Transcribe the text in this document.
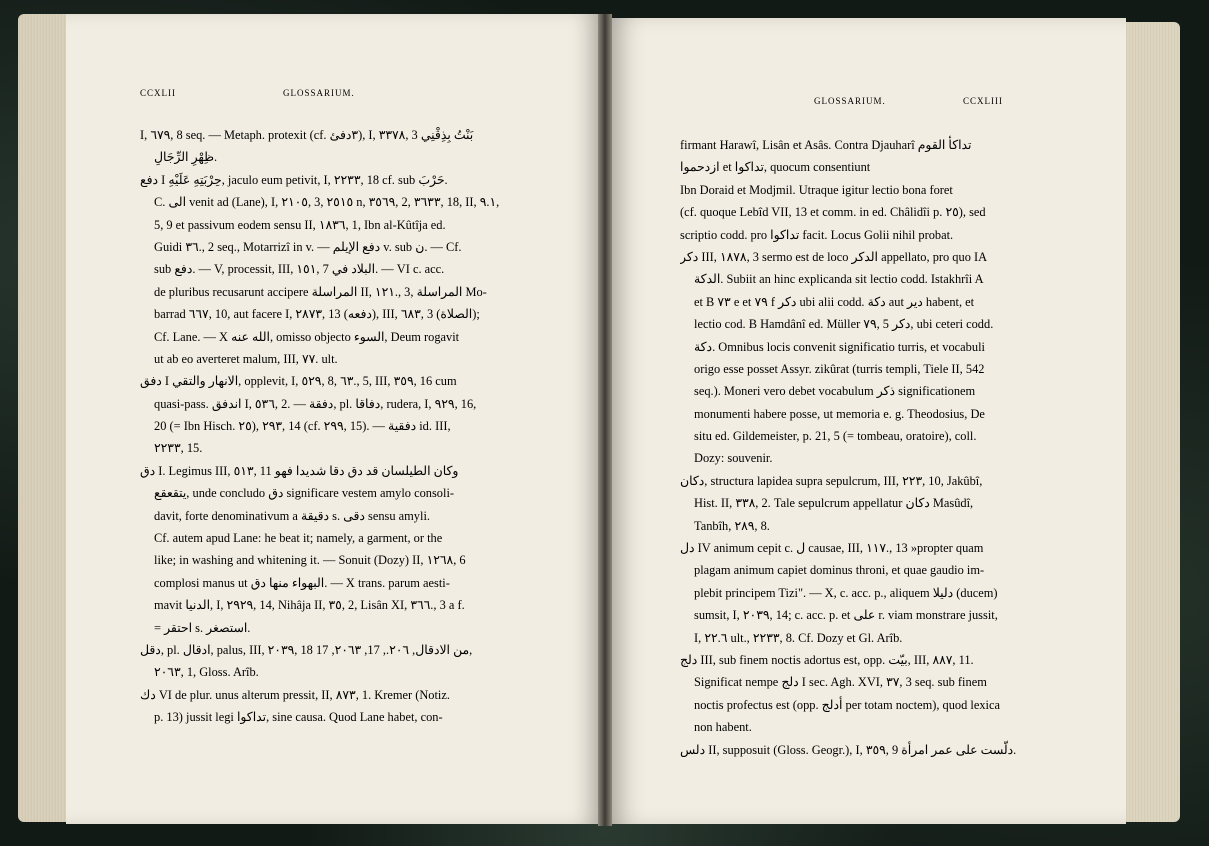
CCXLII	GLOSSARIUM.
GLOSSARIUM.	CCXLIII
I, ٦٧٩, 8 seq. — Metaph. protexit (cf. ٣دفئ), I, ٣٣٧٨, 3 بَنْتُ بِذِقْنِي
ظِهْرِ الرِّجَالِ.
دفع I حِرْبَتِهِ عَلَيْهِ, jaculo eum petivit, I, ٢٢٣٣, 18 cf. sub حَرْبَ.
C. الى venit ad (Lane), I, ٢١٠٥, 3, ٢٥١٥ n, ٣٥٦٩, 2, ٣٦٣٣, 18, II, ٩.١,
5, 9 et passivum eodem sensu II, ١٨٣٦, 1, Ibn al-Kûtîja ed.
Guidi ٣٦., 2 seq., Motarrizî in v. — دفع الإيلم v. sub ن. — Cf.
sub دفع. — V, processit, III, ١٥١, 7 البلاد في. — VI c. acc.
de pluribus recusarunt accipere المراسلة II, ١٢١., 3, المراسلة Mo-
barrad ٦٦٧, 10, aut facere I, ٢٨٧٣, 13 (دفعه), III, ٦٨٣, 3 (الصلاة);
Cf. Lane. — X الله عنه, omisso objecto السوء, Deum rogavit
ut ab eo averteret malum, III, ٧٧. ult.
دفق I الانهار والتقي, opplevit, I, ٥٢٩, 8, ٦٣., 5, III, ٣٥٩, 16 cum
quasi-pass. اندفق I, ٥٣٦, 2. — دفقة, pl. دفاقا, rudera, I, ٩٢٩, 16,
20 (= Ibn Hisch. ٢٥), ٢٩٣, 14 (cf. ٢٩٩, 15). — دفقية id. III,
٢٢٣٣, 15.
دق I. Legimus III, ٥١٣, 11 وكان الطيلسان قد دق دقا شديدا فهو
يتقعقع, unde concludo دق significare vestem amylo consoli-
davit, forte denominativum a دقيقة s. دقى sensu amyli.
Cf. autem apud Lane: he beat it; namely, a garment, or the
like; in washing and whitening it. — Sonuit (Dozy) II, ١٢٦٨, 6
complosi manus ut البهواء منها دق. — X trans. parum aesti-
mavit الدنيا, I, ٢٩٢٩, 14, Nihâja II, ٣٥, 2, Lisân XI, ٣٦٦., 3 a f.
= احتقر s. استصغر.
دقل, pl. ادقال, palus, III, ٢٠٣٩, 18 من الادقال, ٢٠٦., 17, ٢٠٦٣, 17,
٢٠٦٣, 1, Gloss. Arîb.
دك VI de plur. unus alterum pressit, II, ٨٧٣, 1. Kremer (Notiz.
p. 13) jussit legi تداكوا, sine causa. Quod Lane habet, con-
firmant Harawî, Lisân et Asâs. Contra Djauharî تداكأ القوم
ازدحموا et تداكوا, quocum consentiunt
Ibn Doraid et Modjmil. Utraque igitur lectio bona foret
(cf. quoque Lebîd VII, 13 et comm. in ed. Châlidîi p. ٢٥), sed
scriptio codd. pro تداكوا facit. Locus Golii nihil probat.
دكر III, ١٨٧٨, 3 sermo est de loco الدكر appellato, pro quo IA
الدكة. Subiit an hinc explicanda sit lectio codd. Istakhrîi A
et B ٧٣ e et ٧٩ f دكر ubi alii codd. دكة aut دير habent, et
lectio cod. B Hamdânî ed. Müller ٧٩, 5 دكر, ubi ceteri codd.
دكة. Omnibus locis convenit significatio turris, et vocabuli
origo esse posset Assyr. zikûrat (turris templi, Tiele II, 542
seq.). Moneri vero debet vocabulum ذكر significationem
monumenti habere posse, ut memoria e. g. Theodosius, De
situ ed. Gildemeister, p. 21, 5 (= tombeau, oratoire), coll.
Dozy: souvenir.
دكان, structura lapidea supra sepulcrum, III, ٢٢٣, 10, Jakûbî,
Hist. II, ٣٣٨, 2. Tale sepulcrum appellatur دكان Masûdî,
Tanbîh, ٢٨٩, 8.
دل IV animum cepit c. ل causae, III, ١١٧., 13 »propter quam
plagam animum capiet dominus throni, et quae gaudio im-
plebit principem Tizi". — X, c. acc. p., aliquem دليلا (ducem)
sumsit, I, ٢٠٣٩, 14; c. acc. p. et على r. viam monstrare jussit,
I, ٢٢.٦ ult., ٢٢٣٣, 8. Cf. Dozy et Gl. Arîb.
دلج III, sub finem noctis adortus est, opp. بيّت, III, ٨٨٧, 11.
Significat nempe دلج I sec. Agh. XVI, ٣٧, 3 seq. sub finem
noctis profectus est (opp. أدلج per totam noctem), quod lexica
non habent.
دلس II, supposuit (Gloss. Geogr.), I, ٣٥٩, 9 دلّست على عمر امرأة.
